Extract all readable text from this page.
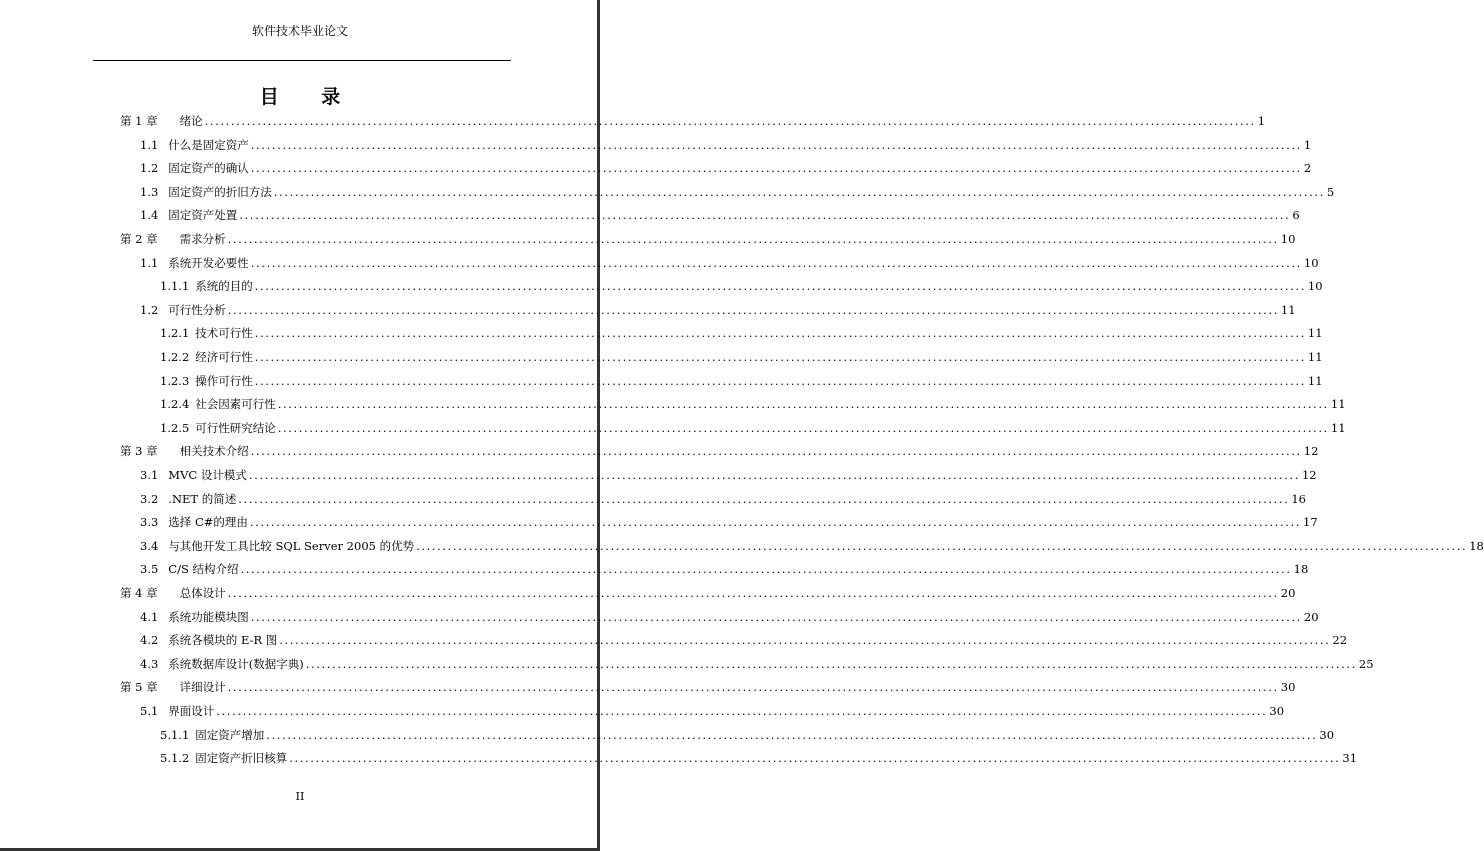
软件技术毕业论文
目 录
第 1 章 绪论 ........................................................................................................................................................................................................ 1
1.1 什么是固定资产 ........................................................................................................................................................................................................ 1
1.2 固定资产的确认 ........................................................................................................................................................................................................ 2
1.3 固定资产的折旧方法 ........................................................................................................................................................................................................ 5
1.4 固定资产处置 ........................................................................................................................................................................................................ 6
第 2 章 需求分析 ........................................................................................................................................................................................................ 10
1.1 系统开发必要性 ........................................................................................................................................................................................................ 10
1.1.1 系统的目的 ........................................................................................................................................................................................................ 10
1.2 可行性分析 ........................................................................................................................................................................................................ 11
1.2.1 技术可行性 ........................................................................................................................................................................................................ 11
1.2.2 经济可行性 ........................................................................................................................................................................................................ 11
1.2.3 操作可行性 ........................................................................................................................................................................................................ 11
1.2.4 社会因素可行性 ........................................................................................................................................................................................................ 11
1.2.5 可行性研究结论 ........................................................................................................................................................................................................ 11
第 3 章 相关技术介绍 ........................................................................................................................................................................................................ 12
3.1 MVC 设计模式 ........................................................................................................................................................................................................ 12
3.2 .NET 的简述 ........................................................................................................................................................................................................ 16
3.3 选择 C#的理由 ........................................................................................................................................................................................................ 17
3.4 与其他开发工具比较 SQL Server 2005 的优势 ........................................................................................................................................................................................................ 18
3.5 C/S 结构介绍 ........................................................................................................................................................................................................ 18
第 4 章 总体设计 ........................................................................................................................................................................................................ 20
4.1 系统功能模块图 ........................................................................................................................................................................................................ 20
4.2 系统各模块的 E-R 图 ........................................................................................................................................................................................................ 22
4.3 系统数据库设计(数据字典) ........................................................................................................................................................................................................ 25
第 5 章 详细设计 ........................................................................................................................................................................................................ 30
5.1 界面设计 ........................................................................................................................................................................................................ 30
5.1.1 固定资产增加 ........................................................................................................................................................................................................ 30
5.1.2 固定资产折旧核算 ........................................................................................................................................................................................................ 31
II
